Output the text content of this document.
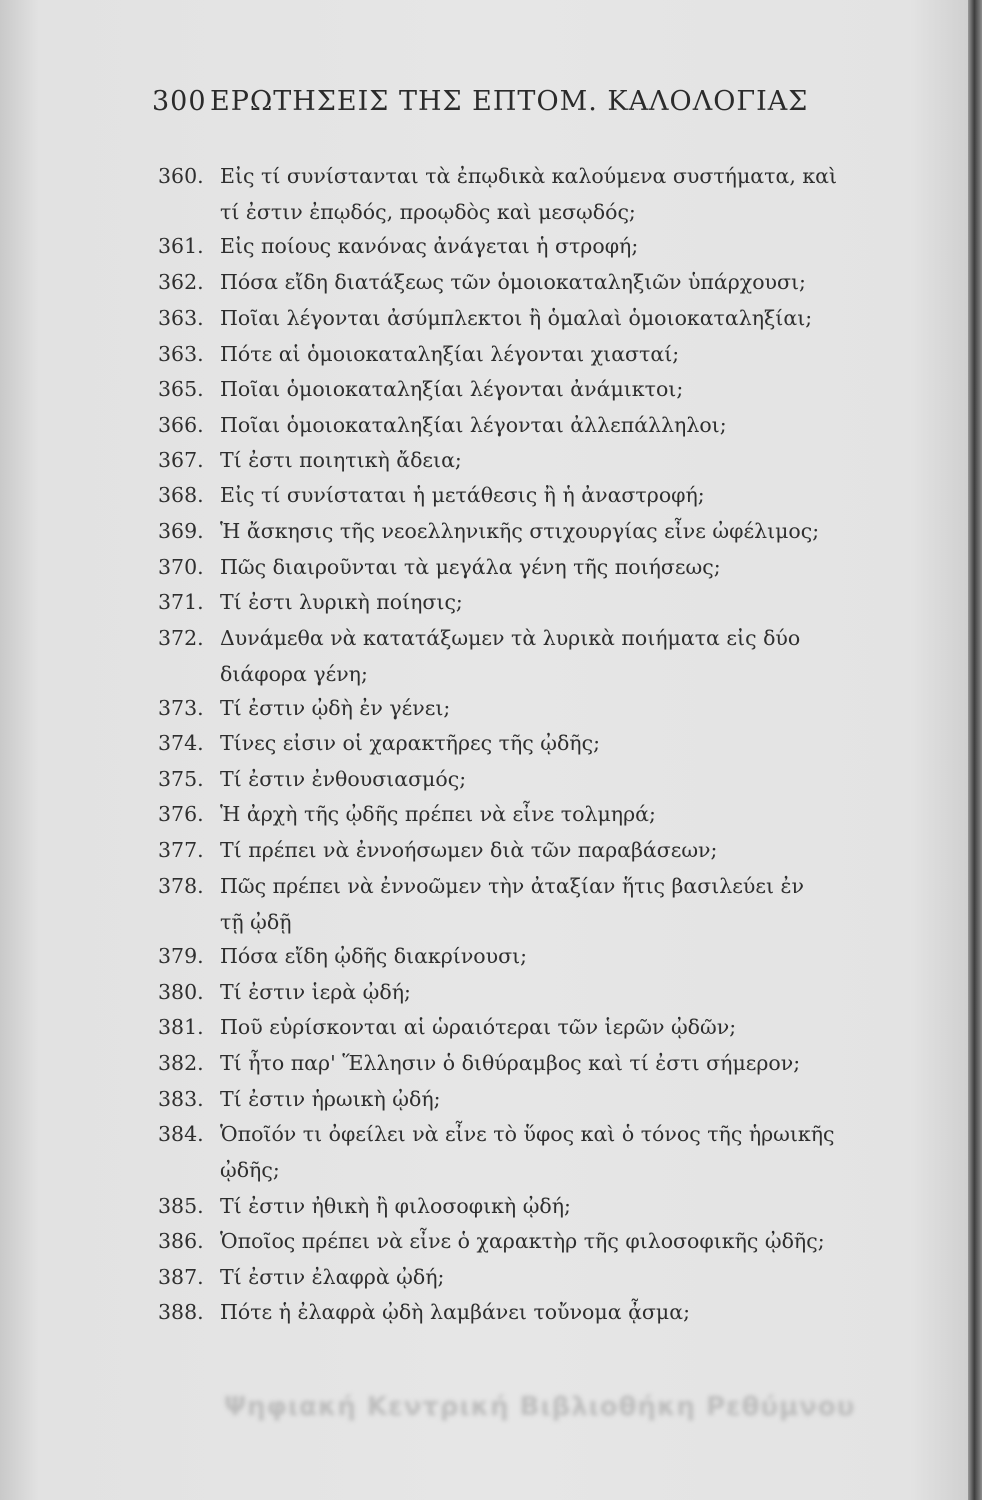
300 ΕΡΩΤΗΣΕΙΣ ΤΗΣ ΕΠΤΟΜ. ΚΑΛΟΛΟΓΙΑΣ
360. Εἰς τί συνίστανται τὰ ἐπῳδικὰ καλούμενα συστήματα, καὶ
τί ἐστιν ἐπῳδός, προῳδὸς καὶ μεσῳδός;
361. Εἰς ποίους κανόνας ἀνάγεται ἡ στροφή;
362. Πόσα εἴδη διατάξεως τῶν ὁμοιοκαταληξιῶν ὑπάρχουσι;
363. Ποῖαι λέγονται ἀσύμπλεκτοι ἢ ὁμαλαὶ ὁμοιοκαταληξίαι;
363. Πότε αἱ ὁμοιοκαταληξίαι λέγονται χιασταί;
365. Ποῖαι ὁμοιοκαταληξίαι λέγονται ἀνάμικτοι;
366. Ποῖαι ὁμοιοκαταληξίαι λέγονται ἀλλεπάλληλοι;
367. Τί ἐστι ποιητικὴ ἄδεια;
368. Εἰς τί συνίσταται ἡ μετάθεσις ἢ ἡ ἀναστροφή;
369. Ἡ ἄσκησις τῆς νεοελληνικῆς στιχουργίας εἶνε ὠφέλιμος;
370. Πῶς διαιροῦνται τὰ μεγάλα γένη τῆς ποιήσεως;
371. Τί ἐστι λυρικὴ ποίησις;
372. Δυνάμεθα νὰ κατατάξωμεν τὰ λυρικὰ ποιήματα εἰς δύο
διάφορα γένη;
373. Τί ἐστιν ᾠδὴ ἐν γένει;
374. Τίνες εἰσιν οἱ χαρακτῆρες τῆς ᾠδῆς;
375. Τί ἐστιν ἐνθουσιασμός;
376. Ἡ ἀρχὴ τῆς ᾠδῆς πρέπει νὰ εἶνε τολμηρά;
377. Τί πρέπει νὰ ἐννοήσωμεν διὰ τῶν παραβάσεων;
378. Πῶς πρέπει νὰ ἐννοῶμεν τὴν ἀταξίαν ἥτις βασιλεύει ἐν
τῇ ᾠδῇ
379. Πόσα εἴδη ᾠδῆς διακρίνουσι;
380. Τί ἐστιν ἱερὰ ᾠδή;
381. Ποῦ εὑρίσκονται αἱ ὡραιότεραι τῶν ἱερῶν ᾠδῶν;
382. Τί ἦτο παρ' Ἕλλησιν ὁ διθύραμβος καὶ τί ἐστι σήμερον;
383. Τί ἐστιν ἡρωικὴ ᾠδή;
384. Ὁποῖόν τι ὀφείλει νὰ εἶνε τὸ ὕφος καὶ ὁ τόνος τῆς ἡρωικῆς
ᾠδῆς;
385. Τί ἐστιν ἠθικὴ ἢ φιλοσοφικὴ ᾠδή;
386. Ὁποῖος πρέπει νὰ εἶνε ὁ χαρακτὴρ τῆς φιλοσοφικῆς ᾠδῆς;
387. Τί ἐστιν ἐλαφρὰ ᾠδή;
388. Πότε ἡ ἐλαφρὰ ᾠδὴ λαμβάνει τοὔνομα ᾆσμα;
Ψηφιακή Κεντρική Βιβλιοθήκη Ρεθύμνου
